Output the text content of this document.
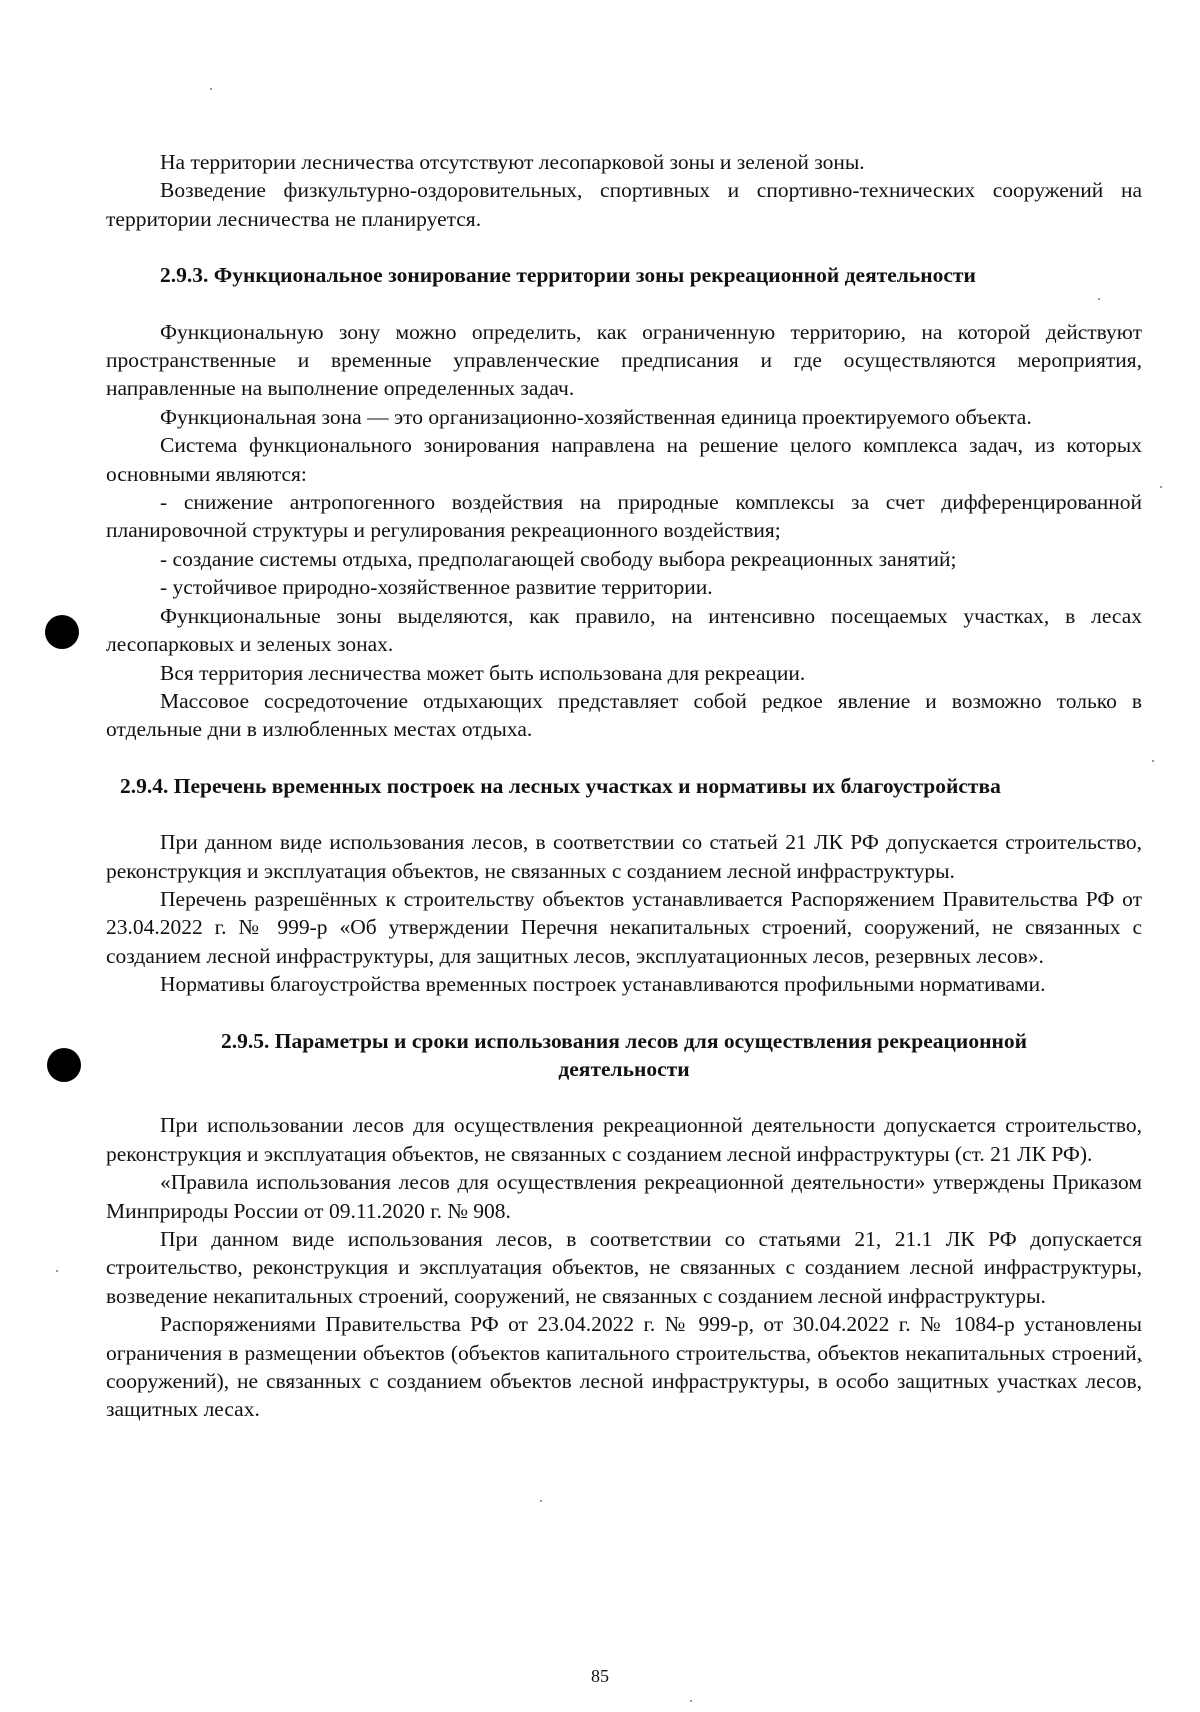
На территории лесничества отсутствуют лесопарковой зоны и зеленой зоны.

Возведение физкультурно-оздоровительных, спортивных и спортивно-технических сооружений на территории лесничества не планируется.

2.9.3. Функциональное зонирование территории зоны рекреационной деятельности

Функциональную зону можно определить, как ограниченную территорию, на которой действуют пространственные и временные управленческие предписания и где осуществляются мероприятия, направленные на выполнение определенных задач.

Функциональная зона — это организационно-хозяйственная единица проектируемого объекта.

Система функционального зонирования направлена на решение целого комплекса задач, из которых основными являются:

- снижение антропогенного воздействия на природные комплексы за счет дифференцированной планировочной структуры и регулирования рекреационного воздействия;

- создание системы отдыха, предполагающей свободу выбора рекреационных занятий;

- устойчивое природно-хозяйственное развитие территории.

Функциональные зоны выделяются, как правило, на интенсивно посещаемых участках, в лесах лесопарковых и зеленых зонах.

Вся территория лесничества может быть использована для рекреации.

Массовое сосредоточение отдыхающих представляет собой редкое явление и возможно только в отдельные дни в излюбленных местах отдыха.

2.9.4. Перечень временных построек на лесных участках и нормативы их благоустройства

При данном виде использования лесов, в соответствии со статьей 21 ЛК РФ допускается строительство, реконструкция и эксплуатация объектов, не связанных с созданием лесной инфраструктуры.

Перечень разрешённых к строительству объектов устанавливается Распоряжением Правительства РФ от 23.04.2022 г. № 999-р «Об утверждении Перечня некапитальных строений, сооружений, не связанных с созданием лесной инфраструктуры, для защитных лесов, эксплуатационных лесов, резервных лесов».

Нормативы благоустройства временных построек устанавливаются профильными нормативами.

2.9.5. Параметры и сроки использования лесов для осуществления рекреационной
деятельности

При использовании лесов для осуществления рекреационной деятельности допускается строительство, реконструкция и эксплуатация объектов, не связанных с созданием лесной инфраструктуры (ст. 21 ЛК РФ).

«Правила использования лесов для осуществления рекреационной деятельности» утверждены Приказом Минприроды России от 09.11.2020 г. № 908.

При данном виде использования лесов, в соответствии со статьями 21, 21.1 ЛК РФ допускается строительство, реконструкция и эксплуатация объектов, не связанных с созданием лесной инфраструктуры, возведение некапитальных строений, сооружений, не связанных с созданием лесной инфраструктуры.

Распоряжениями Правительства РФ от 23.04.2022 г. № 999-р, от 30.04.2022 г. № 1084-р установлены ограничения в размещении объектов (объектов капитального строительства, объектов некапитальных строений, сооружений), не связанных с созданием объектов лесной инфраструктуры, в особо защитных участках лесов, защитных лесах.

85
